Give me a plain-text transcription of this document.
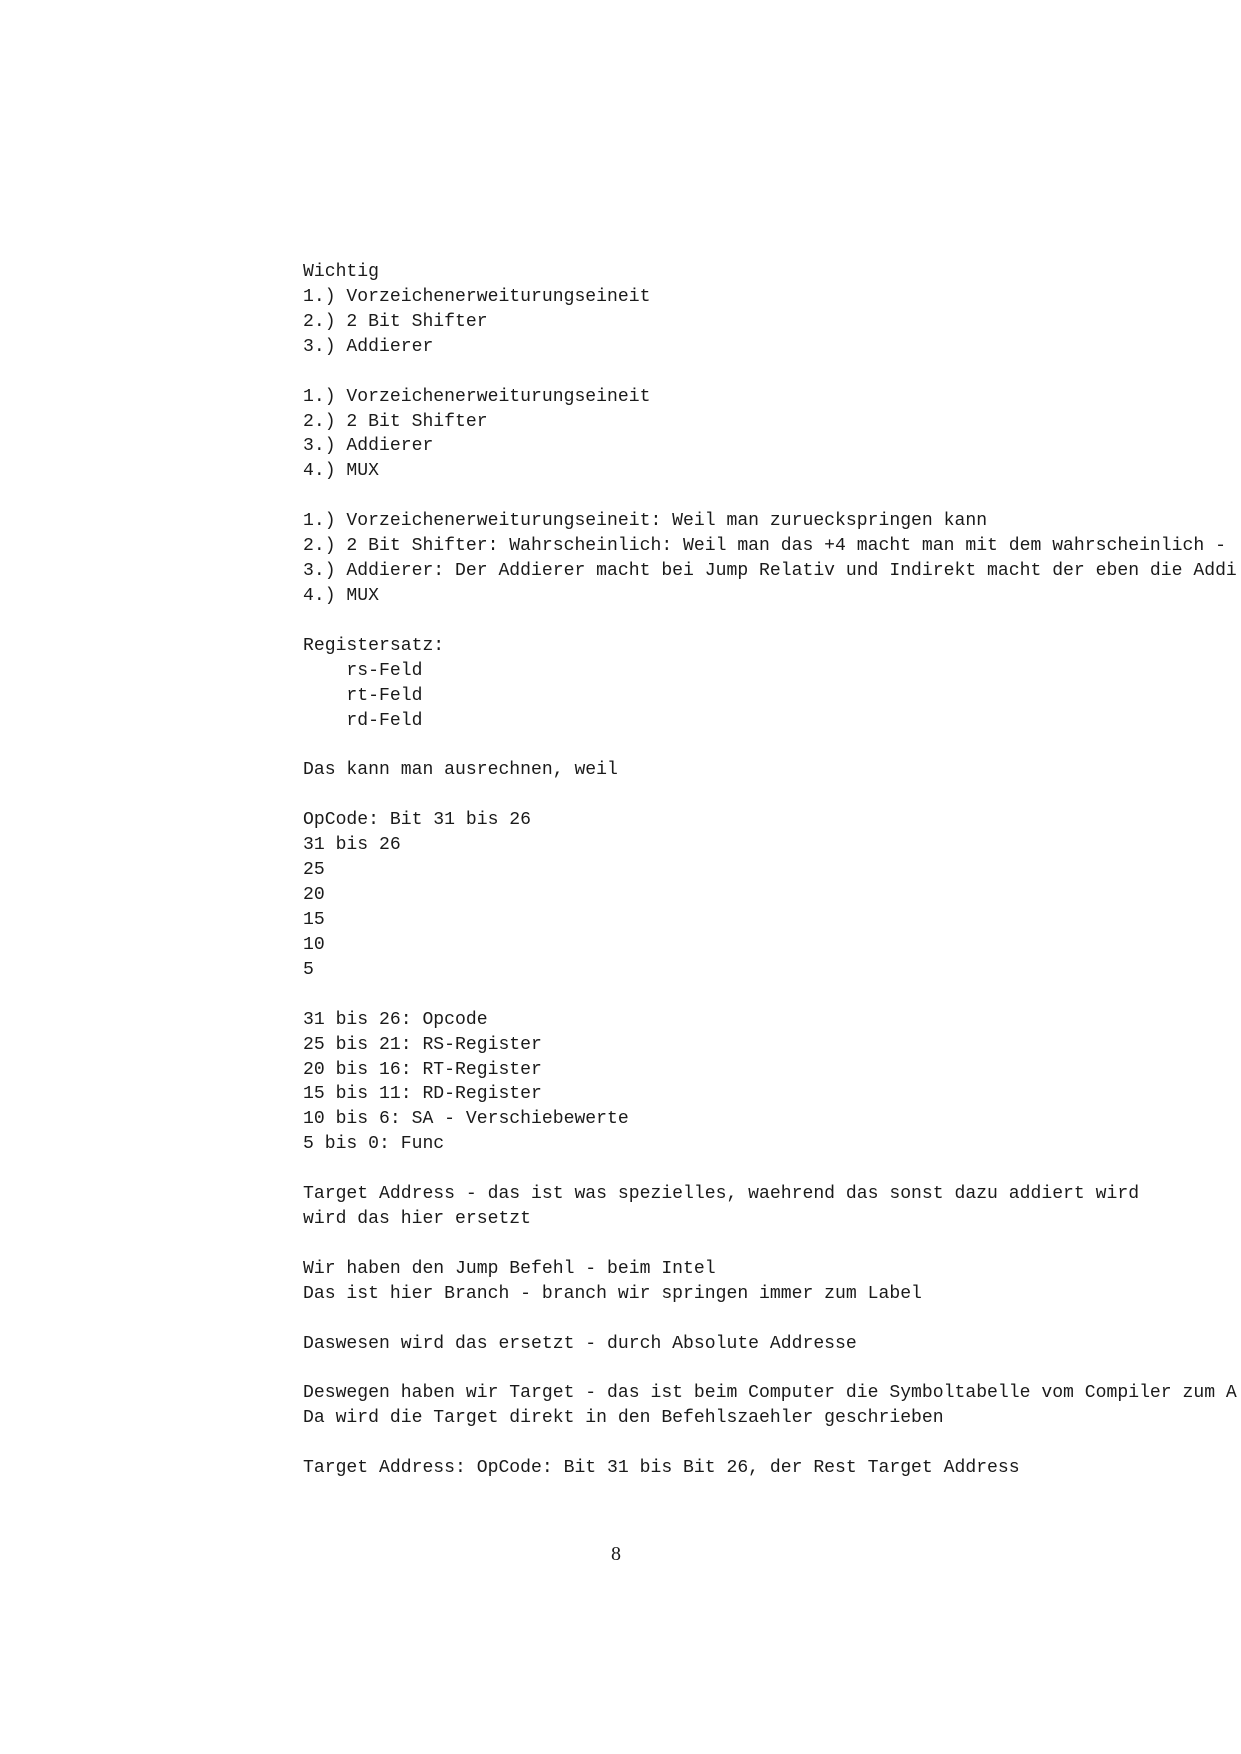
Wichtig
1.) Vorzeichenerweiturungseineit
2.) 2 Bit Shifter
3.) Addierer
1.) Vorzeichenerweiturungseineit
2.) 2 Bit Shifter
3.) Addierer
4.) MUX
1.) Vorzeichenerweiturungseineit: Weil man zurueckspringen kann
2.) 2 Bit Shifter: Wahrscheinlich: Weil man das +4 macht man mit dem wahrscheinlich -
3.) Addierer: Der Addierer macht bei Jump Relativ und Indirekt macht der eben die Addi
4.) MUX
Registersatz:
rs-Feld
rt-Feld
rd-Feld
Das kann man ausrechnen, weil
OpCode: Bit 31 bis 26
31 bis 26
25
20
15
10
5
31 bis 26: Opcode
25 bis 21: RS-Register
20 bis 16: RT-Register
15 bis 11: RD-Register
10 bis 6: SA - Verschiebewerte
5 bis 0: Func
Target Address - das ist was spezielles, waehrend das sonst dazu addiert wird
wird das hier ersetzt
Wir haben den Jump Befehl - beim Intel
Das ist hier Branch - branch wir springen immer zum Label
Daswesen wird das ersetzt - durch Absolute Addresse
Deswegen haben wir Target - das ist beim Computer die Symboltabelle vom Compiler zum A
Da wird die Target direkt in den Befehlszaehler geschrieben
Target Address: OpCode: Bit 31 bis Bit 26, der Rest Target Address
8
